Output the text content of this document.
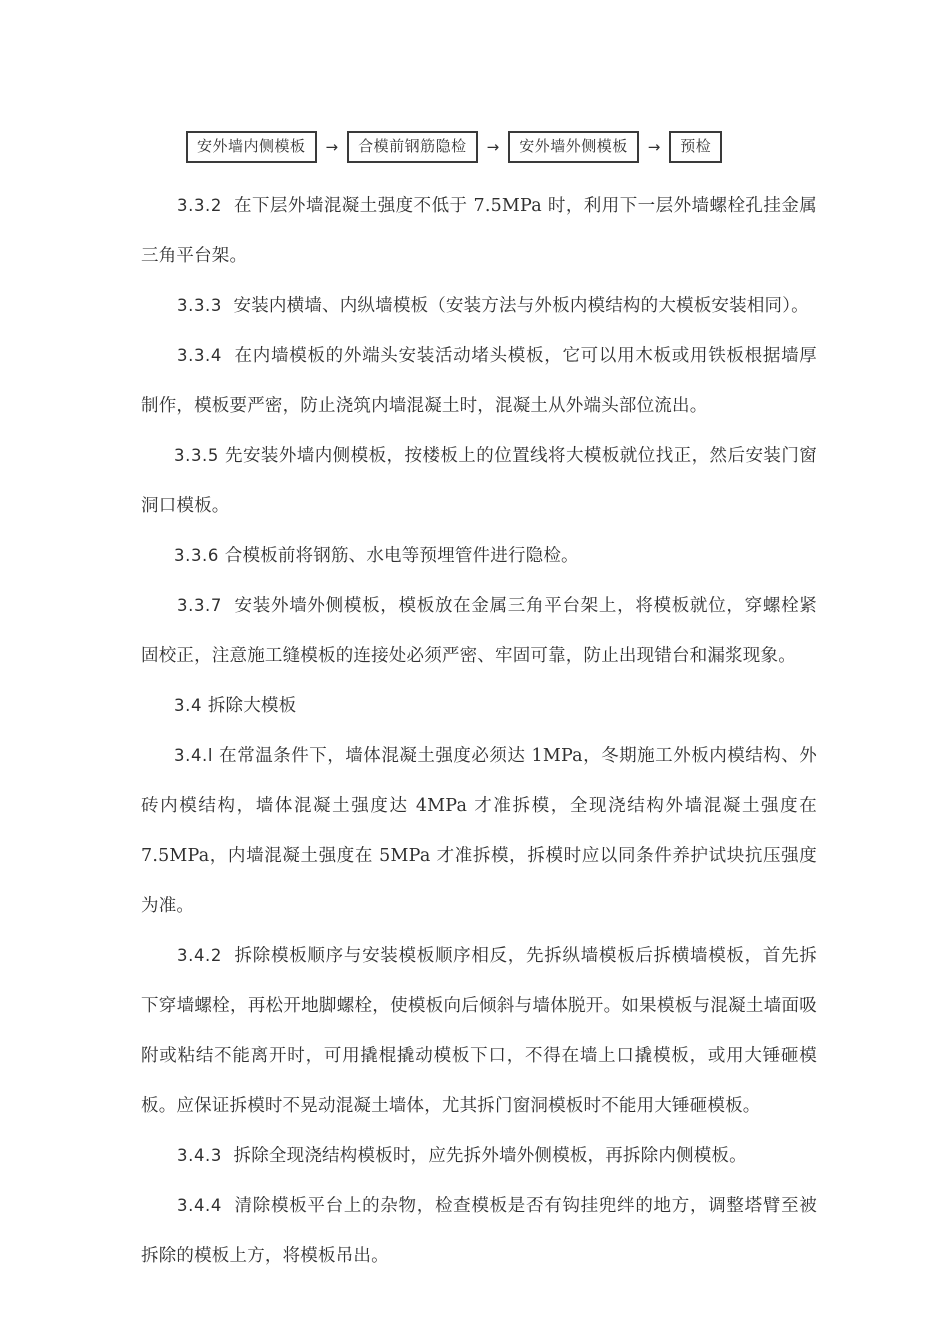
安外墙内侧模板	→	合模前钢筋隐检	→	安外墙外侧模板	→	预检

3.3.2 在下层外墙混凝土强度不低于 7.5MPa 时，利用下一层外墙螺栓孔挂金属三角平台架。

3.3.3 安装内横墙、内纵墙模板（安装方法与外板内模结构的大模板安装相同）。

3.3.4 在内墙模板的外端头安装活动堵头模板，它可以用木板或用铁板根据墙厚制作，模板要严密，防止浇筑内墙混凝土时，混凝土从外端头部位流出。

3.3.5 先安装外墙内侧模板，按楼板上的位置线将大模板就位找正，然后安装门窗洞口模板。

3.3.6 合模板前将钢筋、水电等预埋管件进行隐检。

3.3.7 安装外墙外侧模板，模板放在金属三角平台架上，将模板就位，穿螺栓紧固校正，注意施工缝模板的连接处必须严密、牢固可靠，防止出现错台和漏浆现象。

3.4 拆除大模板

3.4.l 在常温条件下，墙体混凝土强度必须达 1MPa，冬期施工外板内模结构、外砖内模结构，墙体混凝土强度达 4MPa 才准拆模，全现浇结构外墙混凝土强度在 7.5MPa，内墙混凝土强度在 5MPa 才准拆模，拆模时应以同条件养护试块抗压强度为准。

3.4.2 拆除模板顺序与安装模板顺序相反，先拆纵墙模板后拆横墙模板，首先拆下穿墙螺栓，再松开地脚螺栓，使模板向后倾斜与墙体脱开。如果模板与混凝土墙面吸附或粘结不能离开时，可用撬棍撬动模板下口，不得在墙上口撬模板，或用大锤砸模板。应保证拆模时不晃动混凝土墙体，尤其拆门窗洞模板时不能用大锤砸模板。

3.4.3 拆除全现浇结构模板时，应先拆外墙外侧模板，再拆除内侧模板。

3.4.4 清除模板平台上的杂物，检查模板是否有钩挂兜绊的地方，调整塔臂至被拆除的模板上方，将模板吊出。
